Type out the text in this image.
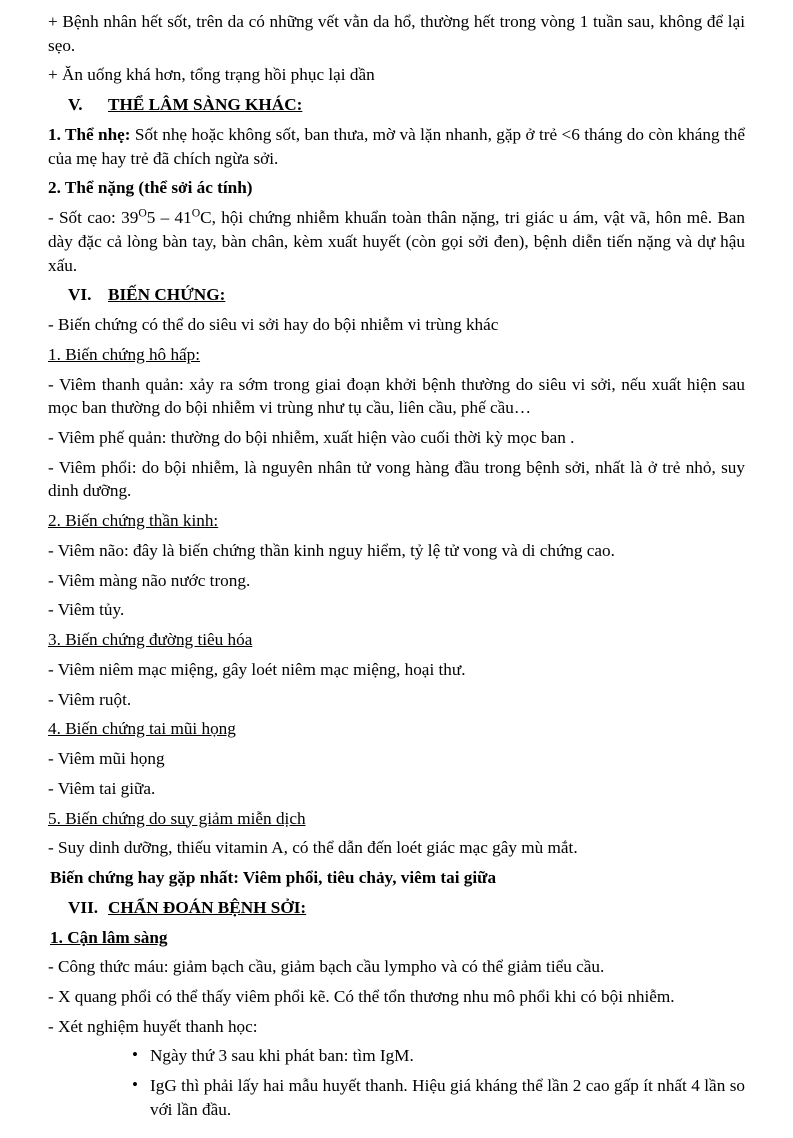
+ Bệnh nhân hết sốt, trên da có những vết vằn da hổ, thường hết trong vòng 1 tuần sau, không để lại sẹo.

+ Ăn uống khá hơn, tổng trạng hồi phục lại dần

V.	THỂ LÂM SÀNG KHÁC:

1. Thể nhẹ: Sốt nhẹ hoặc không sốt, ban thưa, mờ và lặn nhanh, gặp ở trẻ <6 tháng do còn kháng thể của mẹ hay trẻ đã chích ngừa sởi.

2. Thể nặng (thể sởi ác tính)

- Sốt cao: $39^O5 - 41^OC$, hội chứng nhiễm khuẩn toàn thân nặng, tri giác u ám, vật vã, hôn mê. Ban dày đặc cả lòng bàn tay, bàn chân, kèm xuất huyết (còn gọi sởi đen), bệnh diễn tiến nặng và dự hậu xấu.

VI. BIẾN CHỨNG:

- Biến chứng có thể do siêu vi sởi hay do bội nhiễm vi trùng khác

1. Biến chứng hô hấp:

- Viêm thanh quản: xảy ra sớm trong giai đoạn khởi bệnh thường do siêu vi sởi, nếu xuất hiện sau mọc ban thường do bội nhiễm vi trùng như tụ cầu, liên cầu, phế cầu…

- Viêm phế quản: thường do bội nhiễm, xuất hiện vào cuối thời kỳ mọc ban .

- Viêm phổi: do bội nhiễm, là nguyên nhân tử vong hàng đầu trong bệnh sởi, nhất là ở trẻ nhỏ, suy dinh dưỡng.

2. Biến chứng thần kinh:

- Viêm não: đây là biến chứng thần kinh nguy hiểm, tỷ lệ tử vong và di chứng cao.

- Viêm màng não nước trong.

- Viêm tủy.

3. Biến chứng đường tiêu hóa

- Viêm niêm mạc miệng, gây loét niêm mạc miệng, hoại thư.

- Viêm ruột.

4. Biến chứng tai mũi họng

- Viêm mũi họng

- Viêm tai giữa.

5. Biến chứng do suy giảm miễn dịch

- Suy dinh dưỡng, thiếu vitamin A, có thể dẫn đến loét giác mạc gây mù mắt.

Biến chứng hay gặp nhất: Viêm phổi, tiêu chảy, viêm tai giữa

VII. CHẨN ĐOÁN BỆNH SỞI:

1. Cận lâm sàng

- Công thức máu: giảm bạch cầu, giảm bạch cầu lympho và có thể giảm tiểu cầu.

- X quang phổi có thể thấy viêm phổi kẽ. Có thể tổn thương nhu mô phổi khi có bội nhiễm.

- Xét nghiệm huyết thanh học:

• Ngày thứ 3 sau khi phát ban: tìm IgM.
• IgG thì phải lấy hai mẫu huyết thanh. Hiệu giá kháng thể lần 2 cao gấp ít nhất 4 lần so với lần đầu.
